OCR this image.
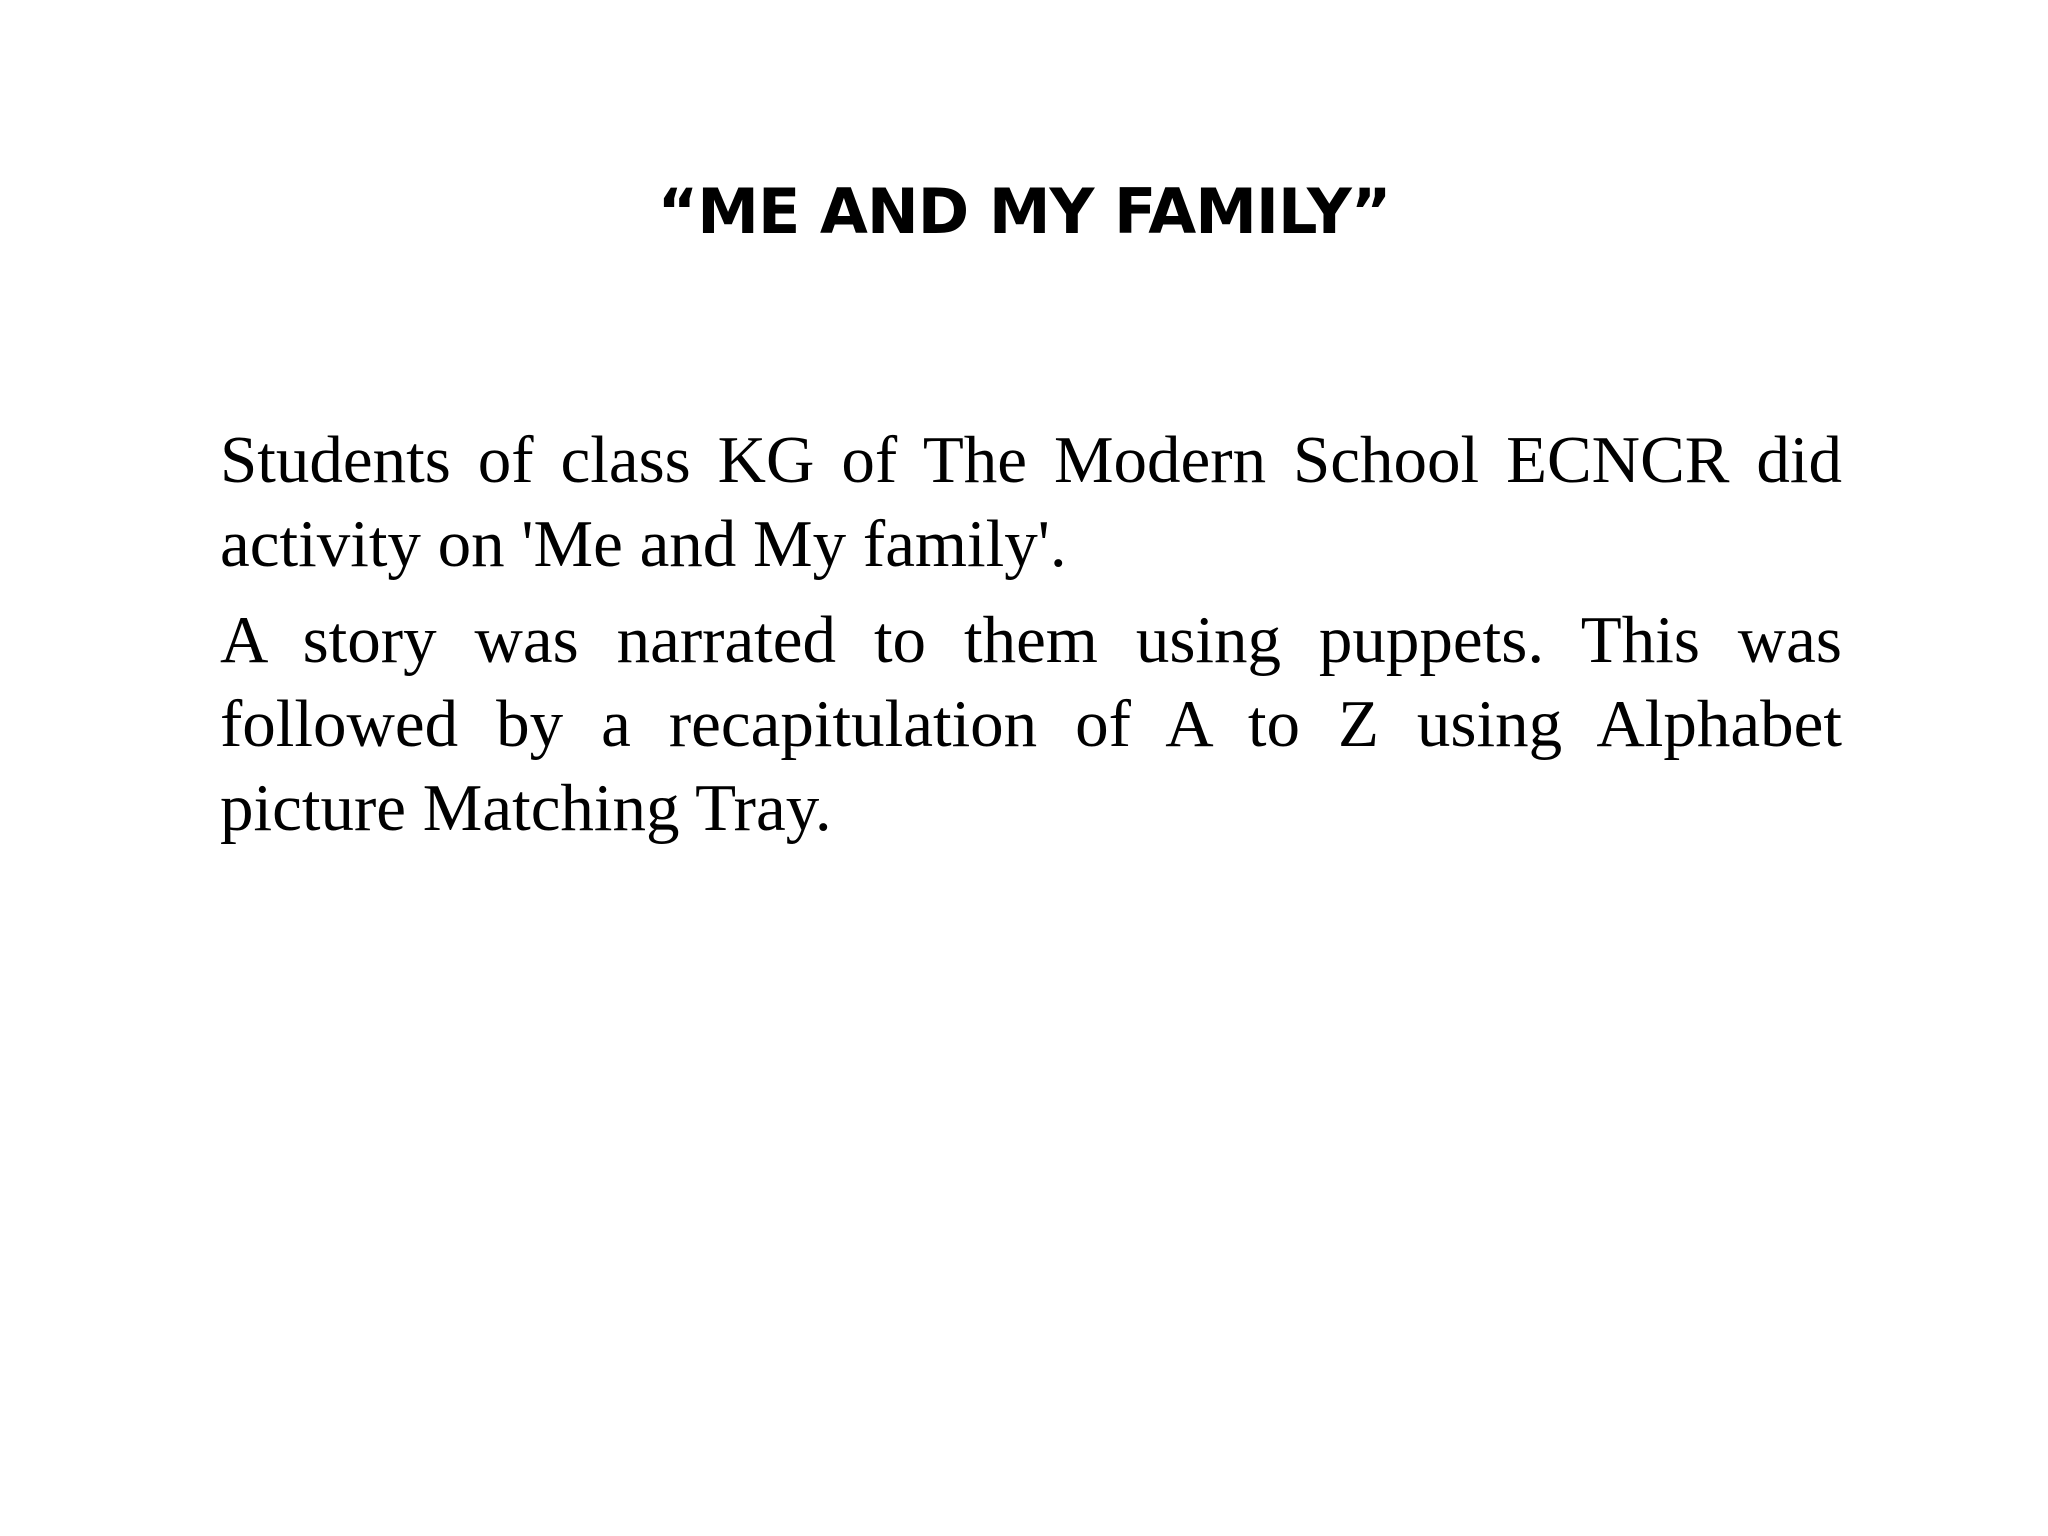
“ME AND MY FAMILY”

Students of class KG of The Modern School ECNCR did activity on 'Me and My family'.

A story was narrated to them using puppets. This was followed by a recapitulation of A to Z using Alphabet picture Matching Tray.
